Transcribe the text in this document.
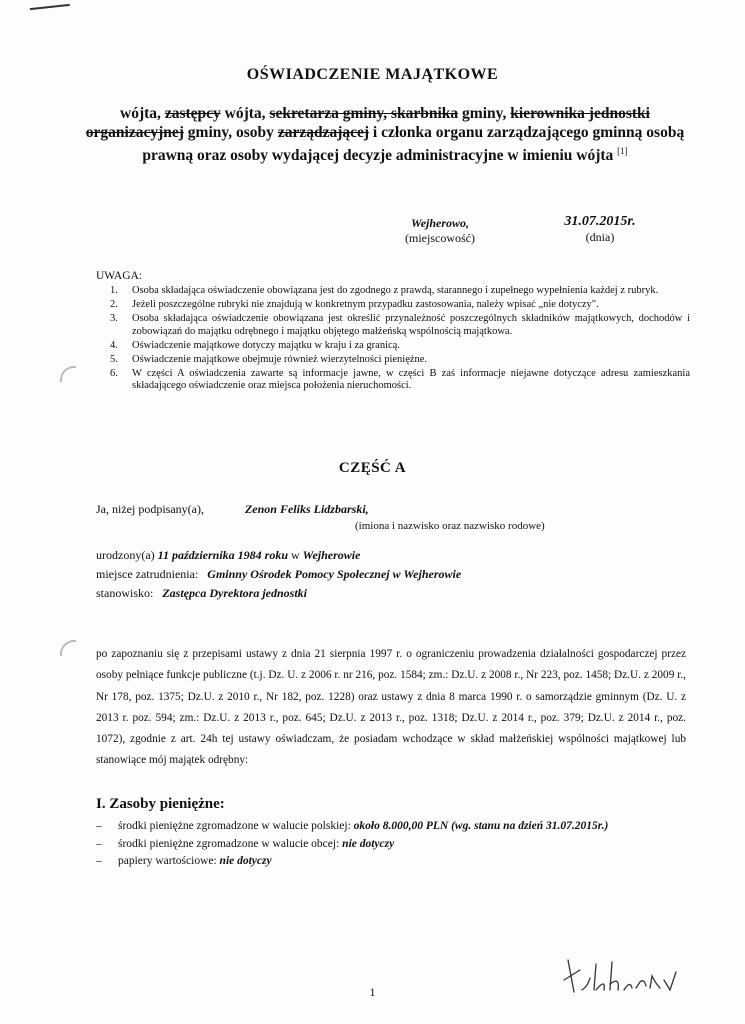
OŚWIADCZENIE MAJĄTKOWE
wójta, zastępcy wójta, sekretarza gminy, skarbnika gminy, kierownika jednostki organizacyjnej gminy, osoby zarządzającej i członka organu zarządzającego gminną osobą prawną oraz osoby wydającej decyzje administracyjne w imieniu wójta [1]
Wejherowo,
(miejscowość)
31.07.2015r.
(dnia)
UWAGA:
1. Osoba składająca oświadczenie obowiązana jest do zgodnego z prawdą, starannego i zupełnego wypełnienia każdej z rubryk.
2. Jeżeli poszczególne rubryki nie znajdują w konkretnym przypadku zastosowania, należy wpisać „nie dotyczy".
3. Osoba składająca oświadczenie obowiązana jest określić przynależność poszczególnych składników majątkowych, dochodów i zobowiązań do majątku odrębnego i majątku objętego małżeńską wspólnością majątkowa.
4. Oświadczenie majątkowe dotyczy majątku w kraju i za granicą.
5. Oświadczenie majątkowe obejmuje również wierzytelności pieniężne.
6. W części A oświadczenia zawarte są informacje jawne, w części B zaś informacje niejawne dotyczące adresu zamieszkania składającego oświadczenie oraz miejsca położenia nieruchomości.
CZĘŚĆ A
Ja, niżej podpisany(a),	Zenon Feliks Lidzbarski,
(imiona i nazwisko oraz nazwisko rodowe)
urodzony(a) 11 października 1984 roku w Wejherowie
miejsce zatrudnienia: Gminny Ośrodek Pomocy Społecznej w Wejherowie
stanowisko: Zastępca Dyrektora jednostki

po zapoznaniu się z przepisami ustawy z dnia 21 sierpnia 1997 r. o ograniczeniu prowadzenia działalności gospodarczej przez osoby pełniące funkcje publiczne (t.j. Dz. U. z 2006 r. nr 216, poz. 1584; zm.: Dz.U. z 2008 r., Nr 223, poz. 1458; Dz.U. z 2009 r., Nr 178, poz. 1375; Dz.U. z 2010 r., Nr 182, poz. 1228) oraz ustawy z dnia 8 marca 1990 r. o samorządzie gminnym (Dz. U. z 2013 r. poz. 594; zm.: Dz.U. z 2013 r., poz. 645; Dz.U. z 2013 r., poz. 1318; Dz.U. z 2014 r., poz. 379; Dz.U. z 2014 r., poz. 1072), zgodnie z art. 24h tej ustawy oświadczam, że posiadam wchodzące w skład małżeńskiej wspólności majątkowej lub stanowiące mój majątek odrębny:

I. Zasoby pieniężne:
– środki pieniężne zgromadzone w walucie polskiej: około 8.000,00 PLN (wg. stanu na dzień 31.07.2015r.)
– środki pieniężne zgromadzone w walucie obcej: nie dotyczy
– papiery wartościowe: nie dotyczy
1
